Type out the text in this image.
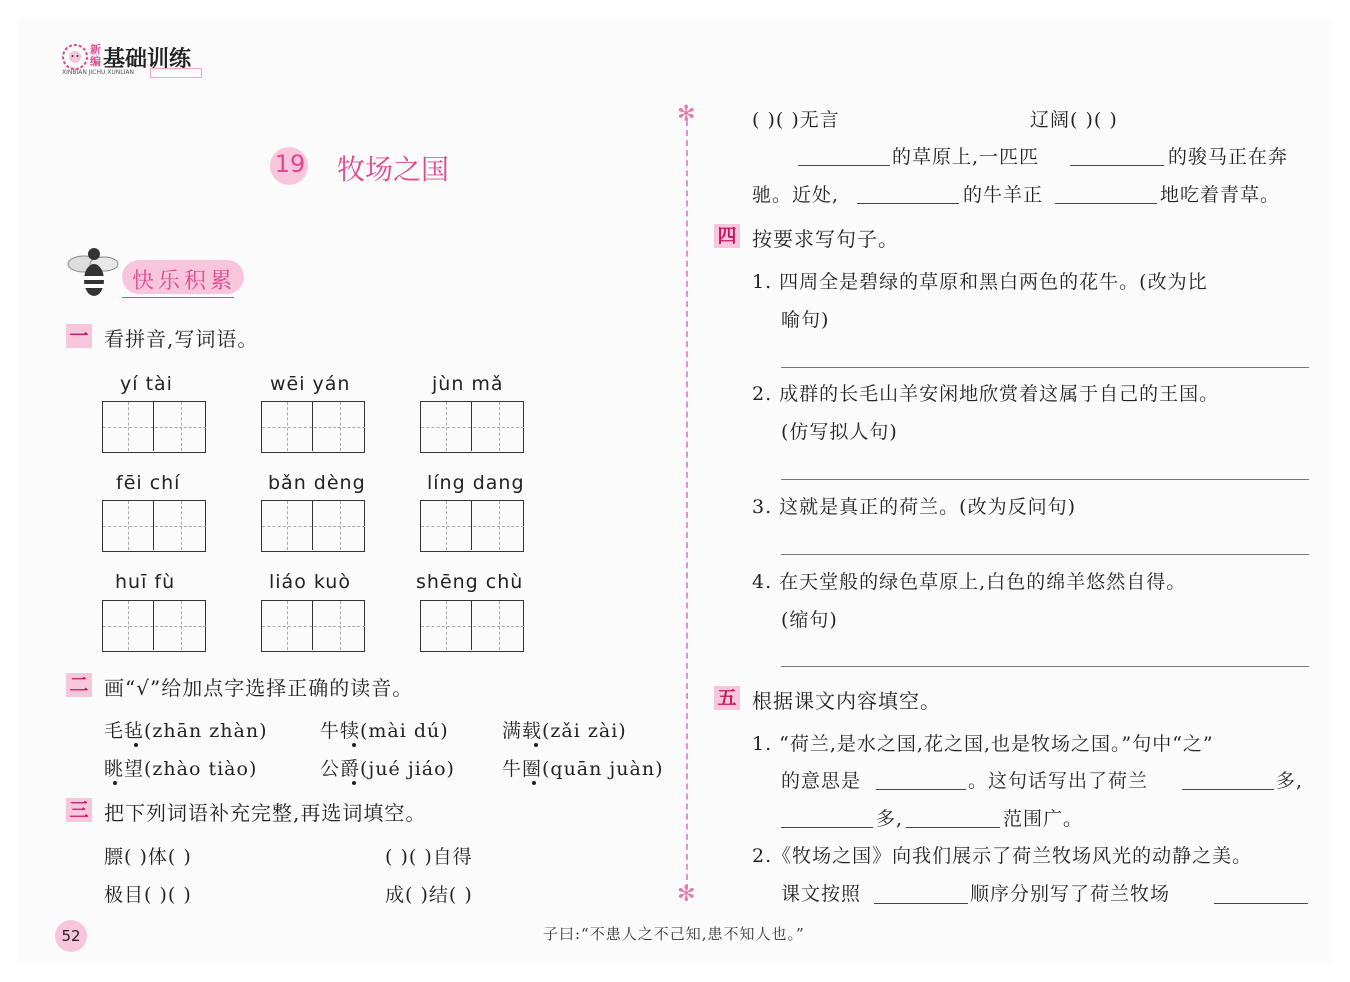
新编 基础训练
XINBIAN JICHU XUNLIAN
19 牧场之国
快乐积累
一 看拼音,写词语。
yí tài	wēi yán	jùn mǎ
fēi chí	bǎn dèng	líng dang
huī fù	liáo kuò	shēng chù
二 画“√”给加点字选择正确的读音。
毛毡(zhān zhàn)	牛犊(mài dú)	满载(zǎi zài)
眺望(zhào tiào)	公爵(jué jiáo) 牛圈(quān juàn)
三 把下列词语补充完整,再选词填空。
膘( )体( )	( )( )自得
极目( )( )	成( )结( )
✻
✻
( )( )无言	辽阔( )( )
的草原上,一匹匹	的骏马正在奔
驰。近处,	的牛羊正	地吃着青草。
四 按要求写句子。
1. 四周全是碧绿的草原和黑白两色的花牛。(改为比
喻句)
2. 成群的长毛山羊安闲地欣赏着这属于自己的王国。
(仿写拟人句)
3. 这就是真正的荷兰。(改为反问句)
4. 在天堂般的绿色草原上,白色的绵羊悠然自得。
(缩句)
五 根据课文内容填空。
1. “荷兰,是水之国,花之国,也是牧场之国。”句中“之”
的意思是	。这句话写出了荷兰	多,
多,	范围广。
2.《牧场之国》向我们展示了荷兰牧场风光的动静之美。
课文按照	顺序分别写了荷兰牧场
52	子曰:“不患人之不己知,患不知人也。”
